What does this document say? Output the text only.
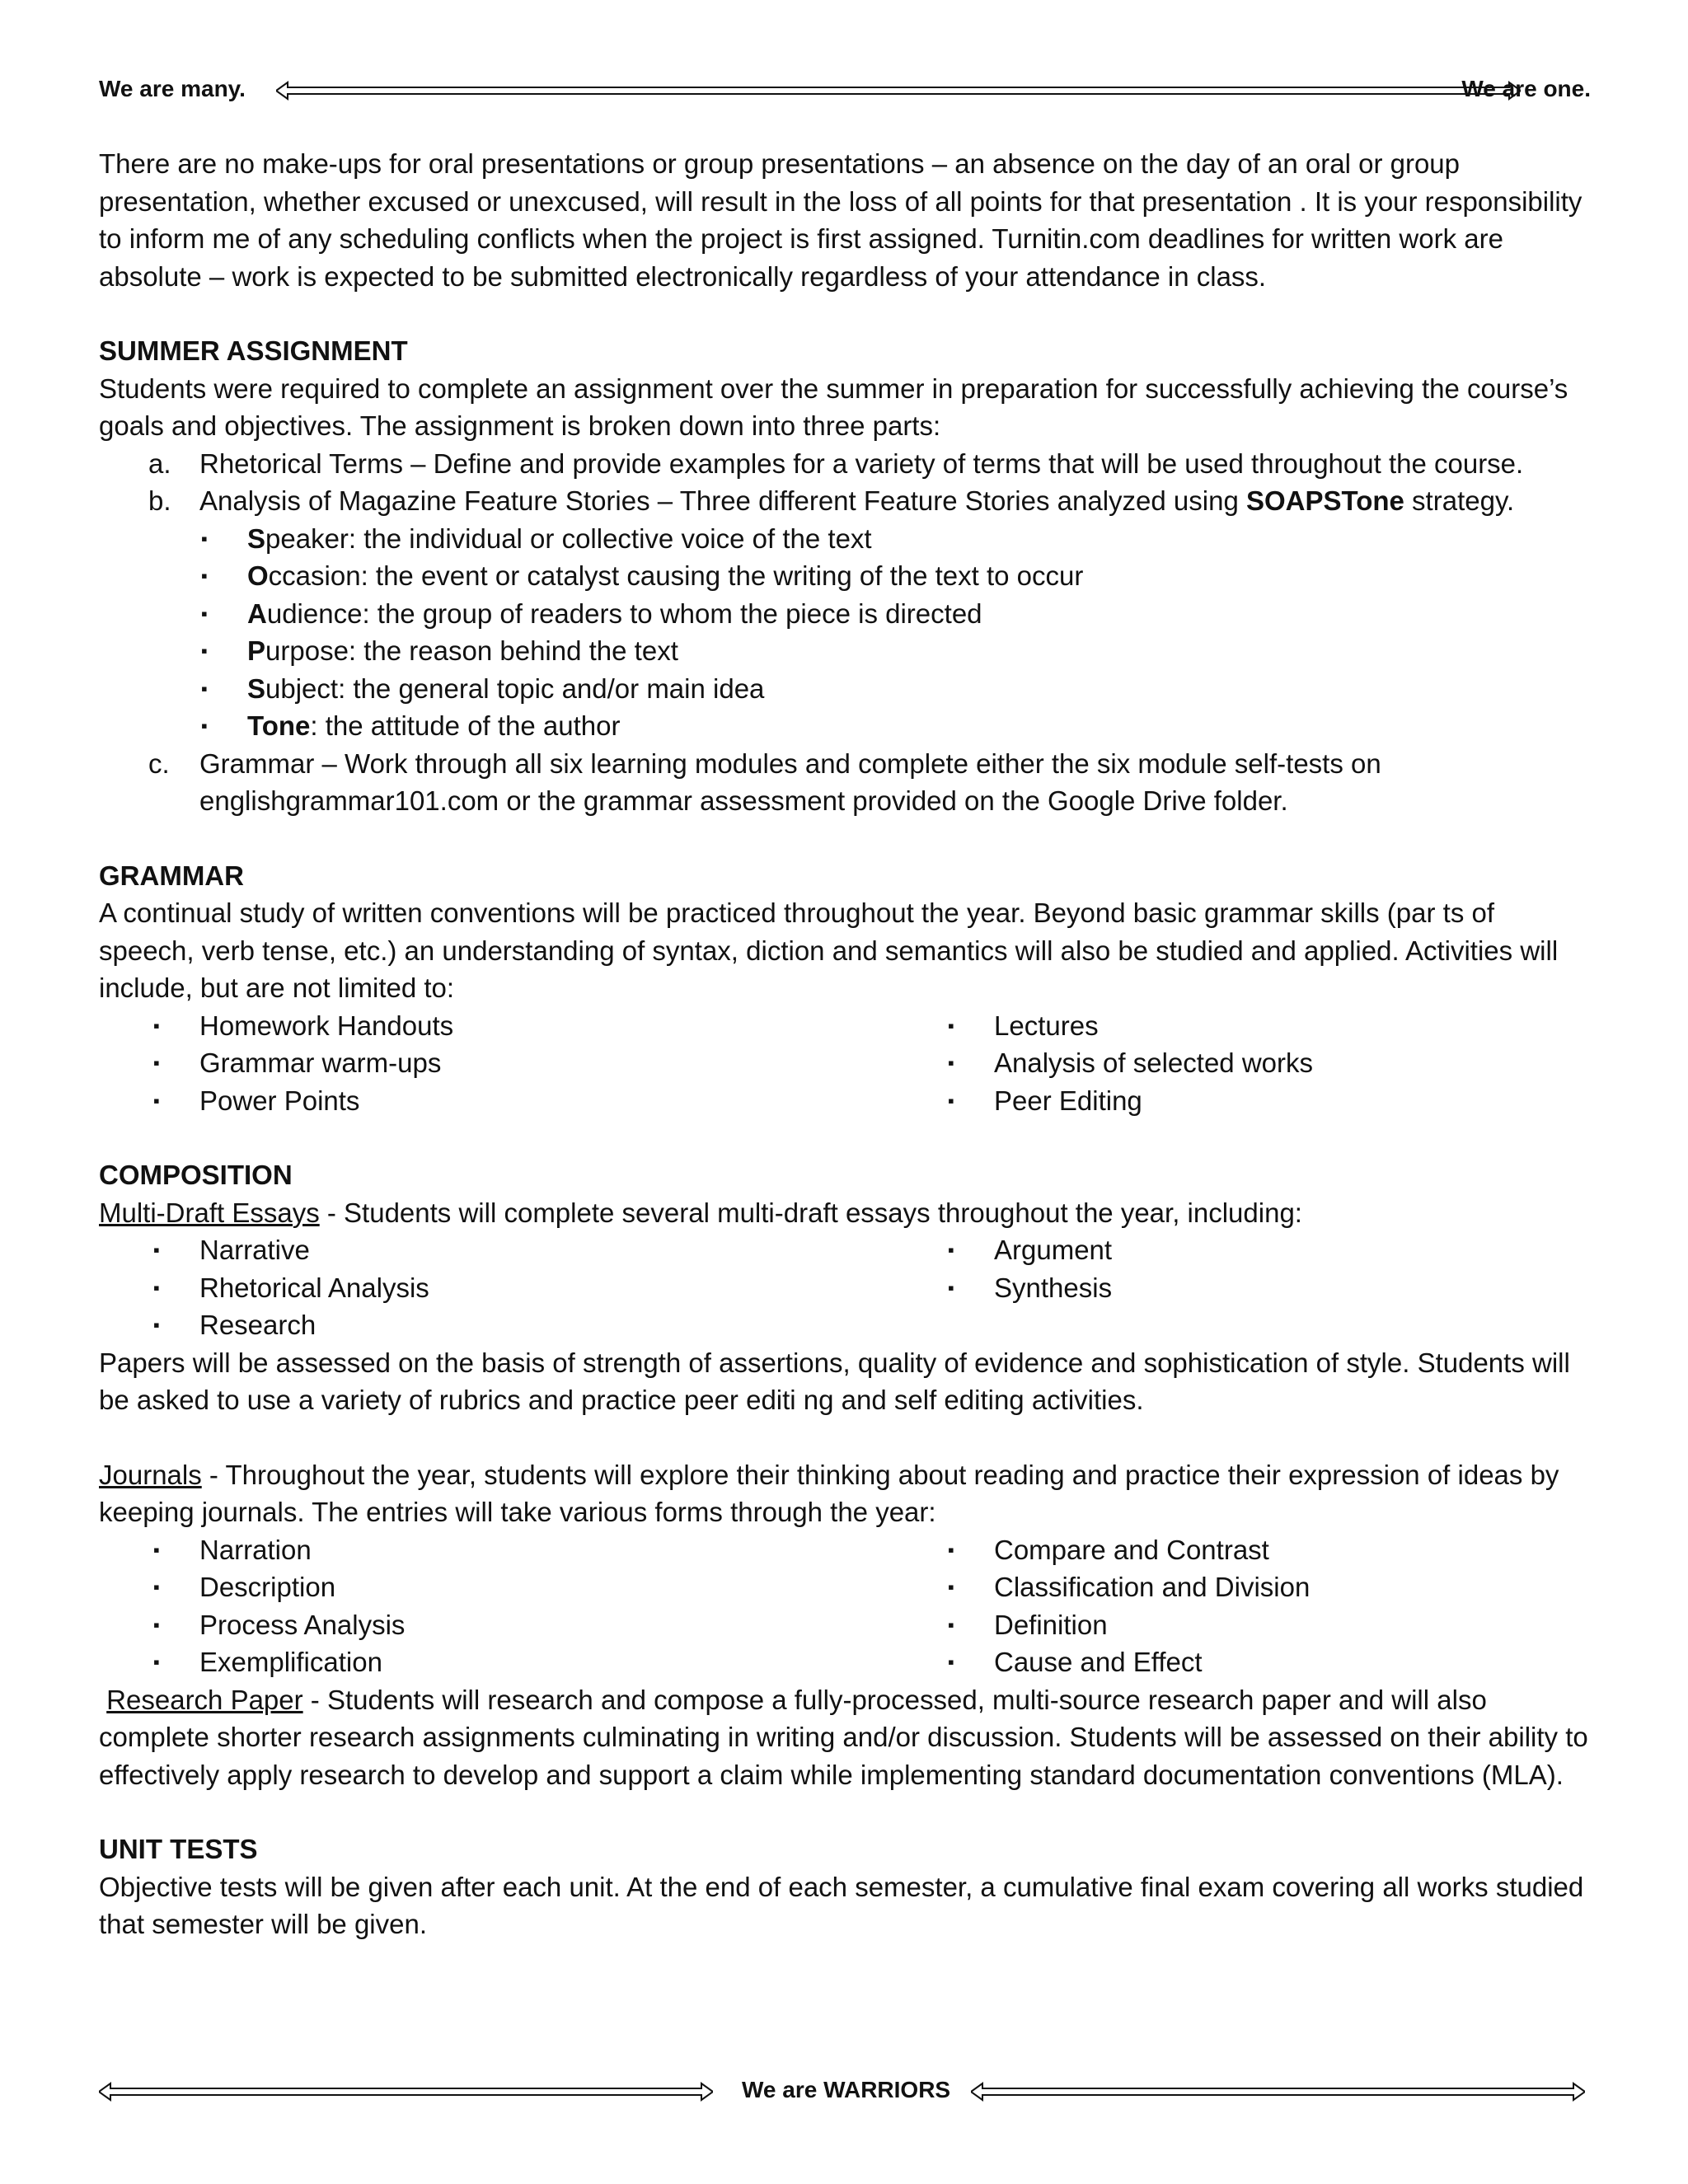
We are many.	We are one.

There are no make-ups for oral presentations or group presentations – an absence on the day of an oral or group presentation, whether excused or unexcused, will result in the loss of all points for that presentation . It is your responsibility to inform me of any scheduling conflicts when the project is first assigned. Turnitin.com deadlines for written work are absolute – work is expected to be submitted electronically regardless of your attendance in class.

SUMMER ASSIGNMENT

Students were required to complete an assignment over the summer in preparation for successfully achieving the course’s goals and objectives. The assignment is broken down into three parts:

a. Rhetorical Terms – Define and provide examples for a variety of terms that will be used throughout the course.
b. Analysis of Magazine Feature Stories – Three different Feature Stories analyzed using SOAPSTone strategy.
▪ Speaker: the individual or collective voice of the text
▪ Occasion: the event or catalyst causing the writing of the text to occur
▪ Audience: the group of readers to whom the piece is directed
▪ Purpose: the reason behind the text
▪ Subject: the general topic and/or main idea
▪ Tone: the attitude of the author
c. Grammar – Work through all six learning modules and complete either the six module self-tests on englishgrammar101.com or the grammar assessment provided on the Google Drive folder.
GRAMMAR

A continual study of written conventions will be practiced throughout the year. Beyond basic grammar skills (par ts of speech, verb tense, etc.) an understanding of syntax, diction and semantics will also be studied and applied. Activities will include, but are not limited to:

▪ Homework Handouts
▪ Grammar warm-ups
▪ Power Points
▪ Lectures
▪ Analysis of selected works
▪ Peer Editing
COMPOSITION

Multi-Draft Essays - Students will complete several multi-draft essays throughout the year, including:

▪ Narrative
▪ Rhetorical Analysis
▪ Research
▪ Argument
▪ Synthesis

Papers will be assessed on the basis of strength of assertions, quality of evidence and sophistication of style. Students will be asked to use a variety of rubrics and practice peer editi ng and self editing activities.

Journals - Throughout the year, students will explore their thinking about reading and practice their expression of ideas by keeping journals. The entries will take various forms through the year:

▪ Narration
▪ Description
▪ Process Analysis
▪ Exemplification
▪ Compare and Contrast
▪ Classification and Division
▪ Definition
▪ Cause and Effect

Research Paper - Students will research and compose a fully-processed, multi-source research paper and will also complete shorter research assignments culminating in writing and/or discussion. Students will be assessed on their ability to effectively apply research to develop and support a claim while implementing standard documentation conventions (MLA).

UNIT TESTS

Objective tests will be given after each unit. At the end of each semester, a cumulative final exam covering all works studied that semester will be given.

We are WARRIORS
